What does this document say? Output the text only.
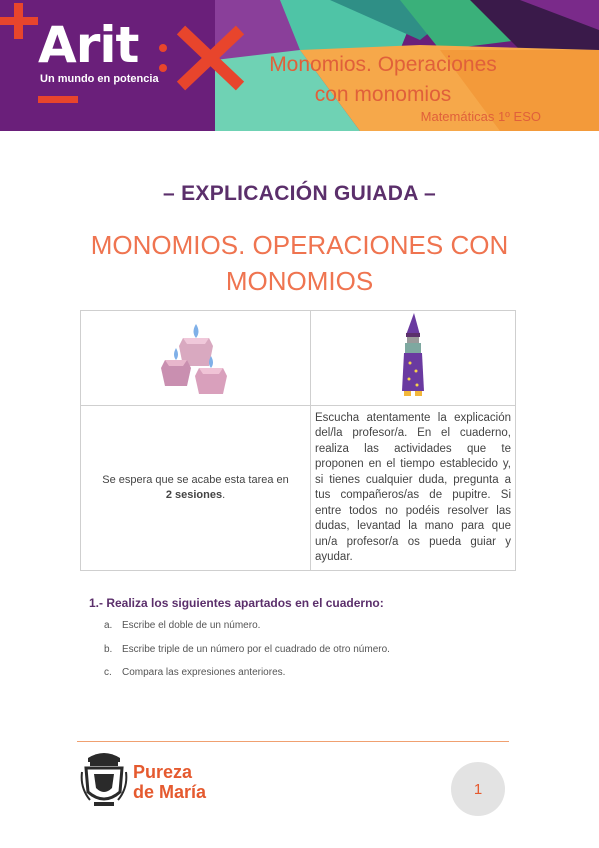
Arit
Un mundo en potencia
Monomios. Operaciones con monomios
Matemáticas 1º ESO
– EXPLICACIÓN GUIADA –
MONOMIOS. OPERACIONES CON MONOMIOS

Se espera que se acabe esta tarea en
2 sesiones.	Escucha atentamente la explicación del/la profesor/a. En el cuaderno, realiza las actividades que te proponen en el tiempo establecido y, si tienes cualquier duda, pregunta a tus compañeros/as de pupitre. Si entre todos no podéis resolver las dudas, levantad la mano para que un/a profesor/a os pueda guiar y ayudar.
1.- Realiza los siguientes apartados en el cuaderno:
a. Escribe el doble de un número.
b. Escribe triple de un número por el cuadrado de otro número.
c. Compara las expresiones anteriores.
Pureza
de María	1
